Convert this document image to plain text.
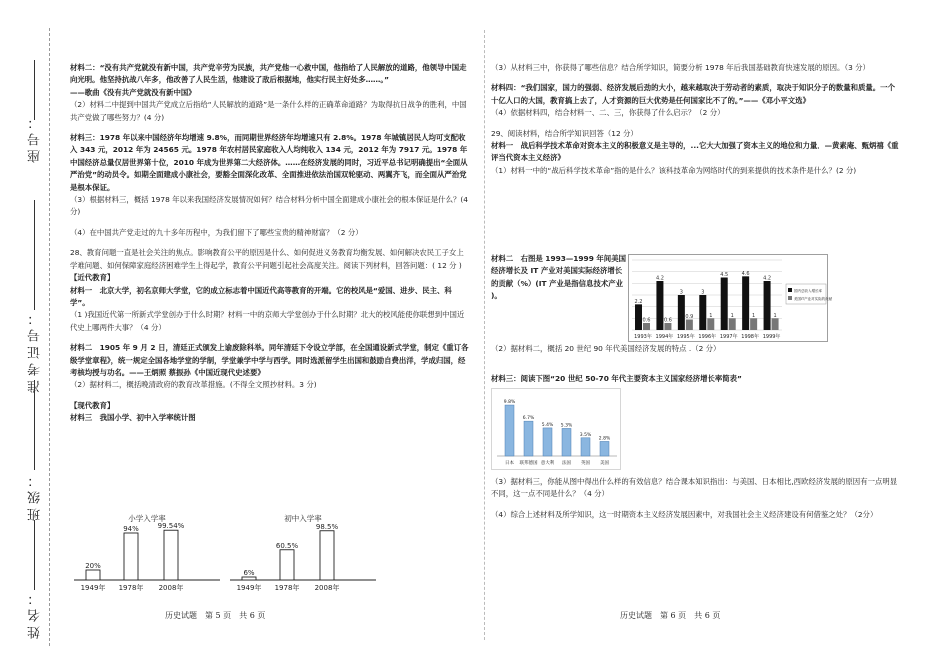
座号：
准考证号：
班级：
姓名：

材料二：“没有共产党就没有新中国，共产党辛劳为民族，共产党他一心救中国，他指给了人民解放的道路，他领导中国走向光明。他坚持抗战八年多，他改善了人民生活，他建设了敌后根据地，他实行民主好处多……。”

——歌曲《没有共产党就没有新中国》

（2）材料二中提到中国共产党成立后指给“人民解放的道路”是一条什么样的正确革命道路？为取得抗日战争的胜利，中国共产党做了哪些努力？(4 分)

材料三：1978 年以来中国经济年均增速 9.8%，而同期世界经济年均增速只有 2.8%。1978 年城镇居民人均可支配收入 343 元，2012 年为 24565 元。1978 年农村居民家庭收入人均纯收入 134 元，2012 年为 7917 元。1978 年中国经济总量仅居世界第十位，2010 年成为世界第二大经济体。……在经济发展的同时，习近平总书记明确提出“全面从严治党”的动员令。如期全面建成小康社会，要豁全面深化改革、全面推进依法治国双轮驱动、两翼齐飞，而全面从严治党是根本保证。

（3）根据材料三，概括 1978 年以来我国经济发展情况如何？结合材料分析中国全面建成小康社会的根本保证是什么？(4 分)

（4）在中国共产党走过的九十多年历程中，为我们留下了哪些宝贵的精神财富？（2 分）

28、教育问题一直是社会关注的焦点。影响教育公平的原因是什么、如何促进义务教育均衡发展、如何解决农民工子女上学难问题、如何保障家庭经济困难学生上得起学，教育公平问题引起社会高度关注。阅读下列材料，回答问题：( 12 分 )

【近代教育】

材料一　北京大学，初名京师大学堂，它的成立标志着中国近代高等教育的开端。它的校风是“爱国、进步、民主、科学”。

（1 )我国近代第一所新式学堂创办于什么时期？材料一中的京师大学堂创办于什么时期？北大的校风能使你联想到中国近代史上哪两件大事？（4 分）

材料二　1905 年 9 月 2 日，清廷正式颁发上谕废除科举。同年清廷下令设立学部，在全国通设新式学堂，制定《重订各级学堂章程》，统一规定全国各地学堂的学制，学堂兼学中学与西学。同时选派留学生出国和鼓励自费出洋，学成归国，经考核均授与功名。——王炳照 蔡振孙《中国近现代史述要》

（2）据材料二，概括晚清政府的教育改革措施。(不得全文照抄材料。3 分)

【现代教育】

材料三　我国小学、初中入学率统计图

小学入学率
20%
1949年
94%
1978年
99.54%
2008年
初中入学率
6%
1949年
60.5%
1978年
98.5%
2008年
历史试题　第 5 页　共 6 页

（3）从材料三中，你获得了哪些信息？结合所学知识，简要分析 1978 年后我国基础教育快速发展的原因。（3 分）

材料四：“我们国家，国力的强弱、经济发展后劲的大小，越来越取决于劳动者的素质，取决于知识分子的数量和质量。一个十亿人口的大国，教育搞上去了，人才资源的巨大优势是任何国家比不了的。”——《邓小平文选》

（4）依据材料四，结合材料一、二、三，你获得了什么启示？（2 分）

29、阅读材料，结合所学知识回答（12 分）

材料一　战后科学技术革命对资本主义的积极意义是主导的，...它大大加强了资本主义的地位和力量．—黄素庵、甄炳禧《重评当代资本主义经济》

（1）材料一中的“战后科学技术革命”指的是什么？该科技革命为网络时代的到来提供的技术条件是什么？(2 分)

材料二　右图是 1993—1999 年间美国经济增长及 IT 产业对美国实际经济增长的贡献（%）(IT 产业是指信息技术产业 )。

2.2
0.6
1993年
4.2
0.6
1994年
3
0.9
1995年
3
1
1996年
4.5
1
1997年
4.6
1
1998年
4.2
1
1999年
国内总收入增长率
美国IT产业对实际的贡献

（2）据材料二，概括 20 世纪 90 年代美国经济发展的特点 .（2 分）

材料三：阅读下图“20 世纪 50-70 年代主要资本主义国家经济增长率简表”

9.8%
日本
6.7%
联邦德国
5.4%
意大利
5.3%
法国
3.5%
英国
2.8%
美国

（3）据材料三，你能从图中得出什么样的有效信息？结合课本知识指出：与美国、日本相比,西欧经济发展的原因有一点明显不同，这一点不同是什么？（4 分）

（4）综合上述材料及所学知识，这一时期资本主义经济发展因素中，对我国社会主义经济建设有何借鉴之处？（2分）

历史试题　第 6 页　共 6 页
